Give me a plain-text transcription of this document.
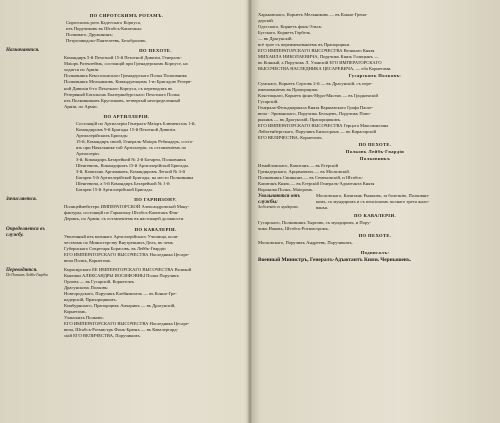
ПО СИРОТСКИМЪ РОТАМЪ.
Сиротскихъ ротъ Кадетскаго Корпуса,
изъ Поручиковъ въ Штабсъ-Капитаны:
Полковаго, Дружининъ;
Петрозаводско-Пантелеевъ, Безобразовъ.
Назначаются.	ПО ПЕХОТЕ.
Командиръ 5-й Пехотной 15-й Пехотной Дивизіи, Генералъ-
Маіоръ Розенгеймъ, состоящій при Гренадерскомъ Корпусе, на
ходятся по Арміи.
Полковникъ Кексгольмскаго Гренадерскаго Полка Полковникъ
Полковникъ Мельниковъ, Командующимъ 1-ю Бригадою Резерв-
ной Дивизіи 6-го Пехотнаго Корпуса, съ переводомъ въ
Резервный Батальонъ Екатеринбургскаго Пехотнаго Полка;
изъ Полковниковъ Кругликовъ, четвертый неопределенный
Арміи, по Арміи.
ПО АРТИЛЛЕРІИ.
Состоящій по Артиллеріи Генералъ-Маіоръ Блюменталь 1-й,
Командиромъ 9-й Бригады 15-й Пехотной Дивизіи.
Артиллерійскихъ Бригадъ:
15-й, Командиръ своей, Генералъ-Маіоръ Ребиндеръ, состо-
ять при Начальнике той Артиллеріи, съ оставленіемъ по
Артиллеріи.
3-й, Командиръ Батарейной № 2-й Батареи, Полковникъ
Шенгевичъ, Командиромъ 15-й Артиллерійской Бригады.
3-й, Капитанъ Аргамаковъ, Командиромъ Легкой № 3-й
Батареи 5-й Артиллерійской Бригады, на место Полковника
Шенгевича, а 5-й Командиръ Батарейной № 1-й
Батареи 15-й Артиллерійской Бригады.
Зачисляется.	ПО ГАРНИЗОНУ.
Полицеймейстеръ ИМПЕРАТОРСКОЙ Александровской Ману-
фактуры, состоящій по Гарнизону Штабсъ-Капитанъ Фон-
Деринъ, по Арміи, съ оставленіемъ въ настоящей должности.
Определяется въ службу.
ПО КАВАЛЕРІИ.
Уволенный изъ военнаго Артиллерійскаго Училища, коли-
чествомъ по Министерству Внутреннихъ Делъ, въ чемъ
Губернскаго Секретаря Борисовъ, въ Лейбъ-Гвардіи
ЕГО ИМПЕРАТОРСКАГО ВЫСОЧЕСТВА Наследника Цесаре-
вича Полкъ, Корнетомъ.
Переводятся.
По Полкамъ Лейбъ-Гвардіи
Кирасирскаго ЕЕ ИМПЕРАТОРСКАГО ВЫСОЧЕСТВА Великой
Княгини АЛЕКСАНДРЫ ИОСИФОВНЫ Полка Поручикъ
Орловъ — въ Гусарскій, Корнетомъ.
Драгунскихъ Полковъ:
Новгородскаго, Поручикъ Клейнмихель — въ Конно-Гре-
надерскій, Прапорщикомъ.
Кинбурнскаго, Прапорщикъ Анчарикъ — въ Драгунскій,
Корнетомъ.
Уланскихъ Полковъ:
ЕГО ИМПЕРАТОРСКАГО ВЫСОЧЕСТВА Наследника Цесаре-
вича, Штабсъ-Ротмистръ Фонъ-Брюнъ — въ Кавалергард-
скій ЕГО ВЕЛИЧЕСТВА, Поручикомъ.
Харьковскаго, Корнетъ Мельниковъ — въ Конно-Грена-
дерскій.
Одесскаго, Корнетъ фонъ-Эльсъ.
Бугскаго, Корнетъ Гербель.
— въ Драгунскій.
всё трое съ переименованіемъ въ Прапорщики.
ЕГО ИМПЕРАТОРСКАГО ВЫСОЧЕСТВА Великаго Князя
МИХАИЛА НИКОЛАЕВИЧА, Поручикъ Князь Голицынъ —
въ Конный, а Поручикъ Л. Уланскій ЕГО ИМПЕРАТОРСКАГО
ВЫСОЧЕСТВА НАСЛЕДНИКА ЦЕСАРЕВИЧА, — оба Корнетами.
Гусарскихъ Полковъ:
Сумскаго, Корнетъ Серговъ 2-й — въ Драгунскій, съ пере-
именованіемъ въ Прапорщики.
Клястицкаго, Корнетъ фонъ-Мура-Мясенъ — въ Гродненскій
Гусарскій.
Генерала-Фельдмаршала Князя Варшавскаго Графа Паске-
вича - Эриванскаго, Поручикъ Бельцевъ, Поручикъ Пово-
рыкинъ — въ Драгунскій, Прапорщикомъ.
ЕГО ИМПЕРАТОРСКАГО ВЫСОЧЕСТВА Герцога Максимиліана
Лейхтенбергскаго, Поручикъ Бильгоронъ — въ Кирасирскій
ЕГО ВЕЛИЧЕСТВА, Корнетомъ.
ПО ПЕХОТЕ.
Полковъ Лейбъ-Гвардіи
Полковникъ
Измайловскаго, Капитанъ — въ Егерскій
Гренадерскаго, Арцимовичъ — въ Московскій.
Полковникъ Свиньинъ — въ Семеновскій, и Штабсъ-
Капитанъ Князь — въ Егерскій Генералъ-Адъютанта Князя
Воронова Полкъ, Маіоромъ.
Увольняются отъ службы:
За болезнію съ мундиромъ.
Московскаго, Капитанъ Рыжковъ, за болезнію, Полковни-
комъ, съ мундиромъ и съ пенсіономъ полнаго третя жало-
ванья.
ПО КАВАЛЕРІИ.
Гусарскаго, Полковникъ Тыртовъ, съ мундиромъ, и Пору-
чикъ Наковъ, Штабсъ-Ротмистромъ.
ПО ПЕХОТЕ.
Московскаго, Поручикъ Андреевъ, Поручикомъ.
Подписалъ:
Военный Министръ, Генералъ-Адъютантъ Князь Чернышевъ.
